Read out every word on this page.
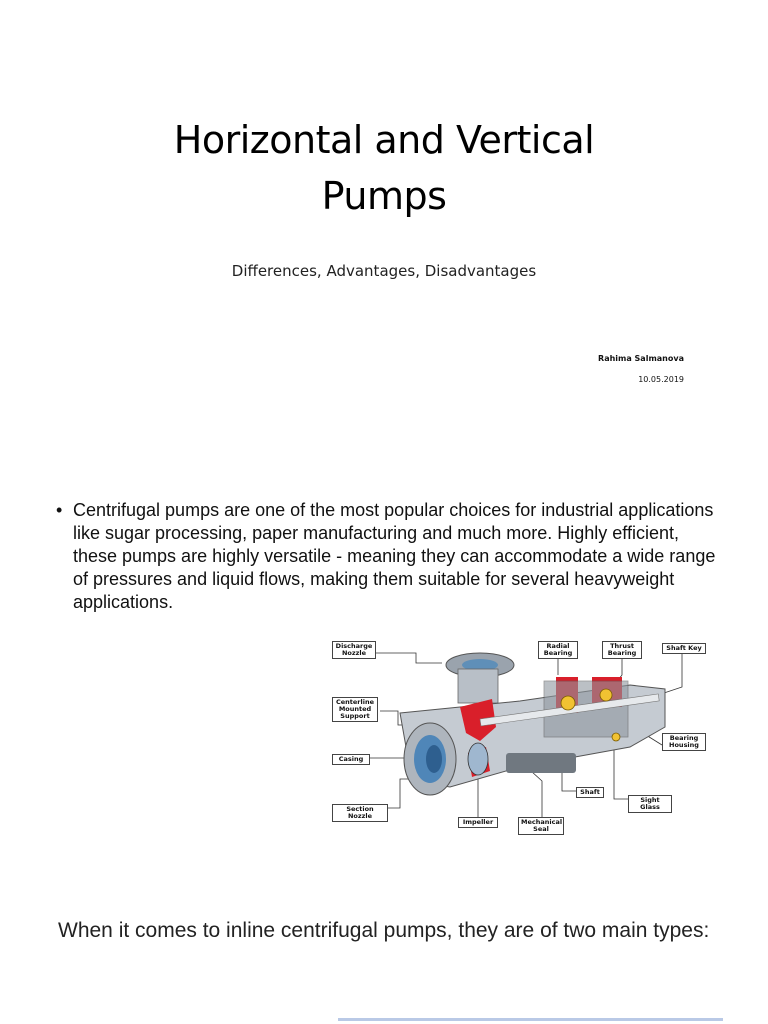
Horizontal and Vertical
Pumps
Differences, Advantages, Disadvantages
Rahima Salmanova
10.05.2019
• Centrifugal pumps are one of the most popular choices for industrial applications like sugar processing, paper manufacturing and much more. Highly efficient, these pumps are highly versatile - meaning they can accommodate a wide range of pressures and liquid flows, making them suitable for several heavyweight applications.
Discharge Nozzle
Centerline Mounted Support
Casing
Section Nozzle
Impeller	Mechanical Seal
Radial Bearing
Thrust Bearing
Shaft Key
Bearing Housing
Shaft
Sight Glass
When it comes to inline centrifugal pumps, they are of two main types:
